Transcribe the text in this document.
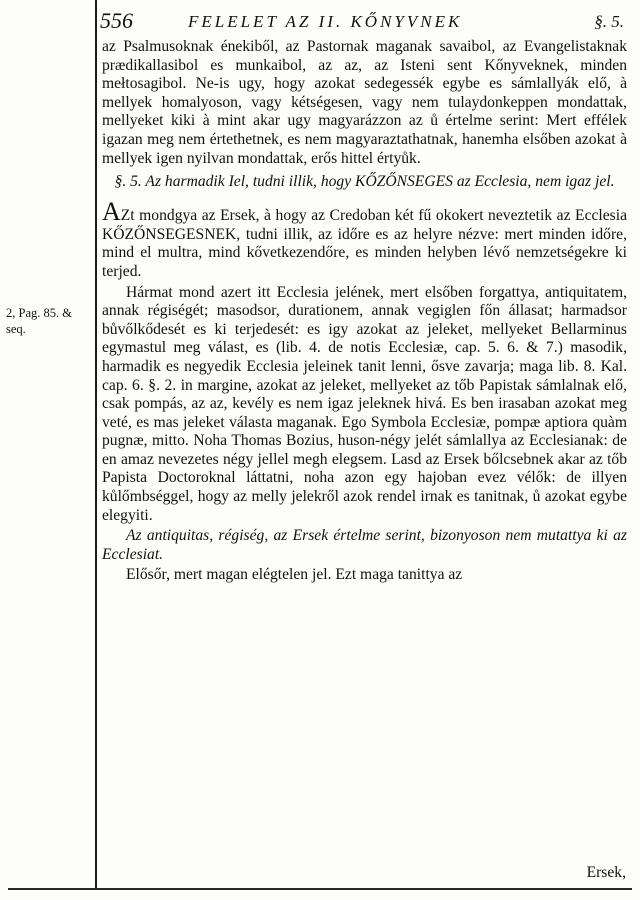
556	FELELET AZ II. KŐNYVNEK	§. 5.
2, Pag. 85. & seq.

az Psalmusoknak énekiből, az Pastornak maganak savaibol, az Evangelistaknak prædikallasibol es munkaibol, az az, az Isteni sent Kőnyveknek, minden mełtosagibol. Ne-is ugy, hogy azokat sedegessék egybe es sámlallyák elő, à mellyek homalyoson, vagy kétségesen, vagy nem tulaydonkeppen mondattak, mellyeket kiki à mint akar ugy magyarázzon az ů értelme serint: Mert effélek igazan meg nem értethetnek, es nem magyaraztathatnak, hanemha elsőben azokat à mellyek igen nyilvan mondattak, erős hittel értyůk.

§. 5. Az harmadik Iel, tudni illik, hogy KŐZŐNSEGES az Ecclesia, nem igaz jel.

AZt mondgya az Ersek, à hogy az Credoban két fű okokert neveztetik az Ecclesia KŐZŐNSEGESNEK, tudni illik, az időre es az helyre nézve: mert minden időre, mind el multra, mind kővetkezendőre, es minden helyben lévő nemzetségekre ki terjed.

Hármat mond azert itt Ecclesia jelének, mert elsőben forgattya, antiquitatem, annak régiségét; masodsor, durationem, annak vegiglen főn állasat; harmadsor bůvőlkődesét es ki terjedesét: es igy azokat az jeleket, mellyeket Bellarminus egymastul meg válast, es (lib. 4. de notis Ecclesiæ, cap. 5. 6. & 7.) masodik, harmadik es negyedik Ecclesia jeleinek tanit lenni, ősve zavarja; maga lib. 8. Kal. cap. 6. §. 2. in margine, azokat az jeleket, mellyeket az tőb Papistak sámlalnak elő, csak pompás, az az, kevély es nem igaz jeleknek hivá. Es ben irasaban azokat meg veté, es mas jeleket válasta maganak. Ego Symbola Ecclesiæ, pompæ aptiora quàm pugnæ, mitto. Noha Thomas Bozius, huson-négy jelét sámlallya az Ecclesianak: de en amaz nevezetes négy jellel megh elegsem. Lasd az Ersek bőlcsebnek akar az tőb Papista Doctoroknal láttatni, noha azon egy hajoban evez vélők: de illyen kůlőmbséggel, hogy az melly jelekről azok rendel irnak es tanitnak, ů azokat egybe elegyiti.

Az antiquitas, régiség, az Ersek értelme serint, bizonyoson nem mutattya ki az Ecclesiat.

Elősőr, mert magan elégtelen jel. Ezt maga tanittya az

Ersek,
